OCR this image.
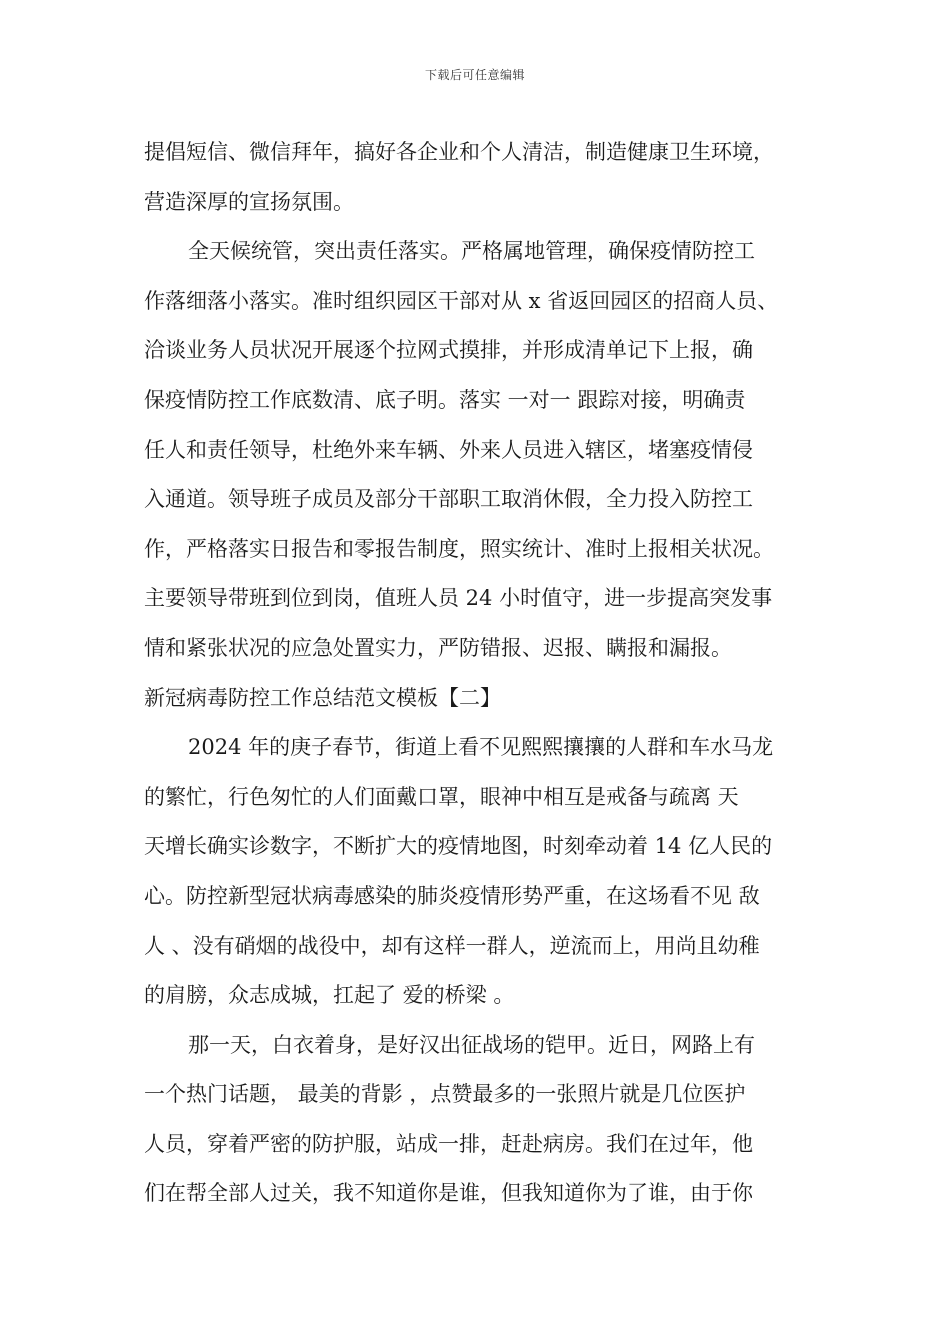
下载后可任意编辑
提倡短信、微信拜年，搞好各企业和个人清洁，制造健康卫生环境，
营造深厚的宣扬氛围。
全天候统管，突出责任落实。严格属地管理，确保疫情防控工
作落细落小落实。准时组织园区干部对从 x 省返回园区的招商人员、
洽谈业务人员状况开展逐个拉网式摸排，并形成清单记下上报，确
保疫情防控工作底数清、底子明。落实 一对一 跟踪对接，明确责
任人和责任领导，杜绝外来车辆、外来人员进入辖区，堵塞疫情侵
入通道。领导班子成员及部分干部职工取消休假，全力投入防控工
作，严格落实日报告和零报告制度，照实统计、准时上报相关状况。
主要领导带班到位到岗，值班人员 24 小时值守，进一步提高突发事
情和紧张状况的应急处置实力，严防错报、迟报、瞒报和漏报。
新冠病毒防控工作总结范文模板【二】
2024 年的庚子春节，街道上看不见熙熙攘攘的人群和车水马龙
的繁忙，行色匆忙的人们面戴口罩，眼神中相互是戒备与疏离 天
天增长确实诊数字，不断扩大的疫情地图，时刻牵动着 14 亿人民的
心。防控新型冠状病毒感染的肺炎疫情形势严重，在这场看不见 敌
人 、没有硝烟的战役中，却有这样一群人，逆流而上，用尚且幼稚
的肩膀，众志成城，扛起了 爱的桥梁 。
那一天，白衣着身，是好汉出征战场的铠甲。近日，网路上有
一个热门话题， 最美的背影 ，点赞最多的一张照片就是几位医护
人员，穿着严密的防护服，站成一排，赶赴病房。我们在过年，他
们在帮全部人过关，我不知道你是谁，但我知道你为了谁，由于你
